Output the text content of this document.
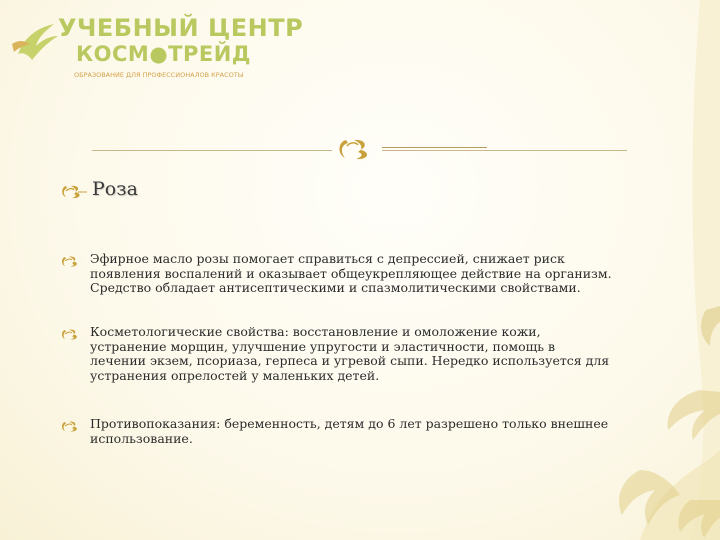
УЧЕБНЫЙ ЦЕНТР
КОСМ●ТРЕЙД
ОБРАЗОВАНИЕ ДЛЯ ПРОФЕССИОНАЛОВ КРАСОТЫ
Роза
Эфирное масло розы помогает справиться с депрессией, снижает риск
появления воспалений и оказывает общеукрепляющее действие на организм.
Средство обладает антисептическими и спазмолитическими свойствами.
Косметологические свойства: восстановление и омоложение кожи,
устранение морщин, улучшение упругости и эластичности, помощь в
лечении экзем, псориаза, герпеса и угревой сыпи. Нередко используется для
устранения опрелостей у маленьких детей.
Противопоказания: беременность, детям до 6 лет разрешено только внешнее
использование.
